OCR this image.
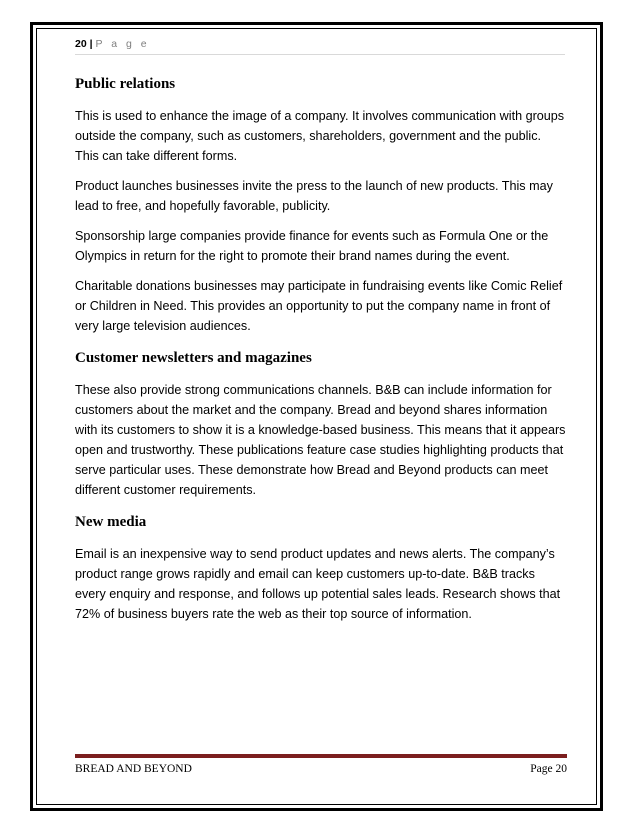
20 | P a g e
Public relations

This is used to enhance the image of a company. It involves communication with groups outside the company, such as customers, shareholders, government and the public. This can take different forms.

Product launches businesses invite the press to the launch of new products. This may lead to free, and hopefully favorable, publicity.

Sponsorship large companies provide finance for events such as Formula One or the Olympics in return for the right to promote their brand names during the event.

Charitable donations businesses may participate in fundraising events like Comic Relief or Children in Need. This provides an opportunity to put the company name in front of very large television audiences.

Customer newsletters and magazines

These also provide strong communications channels. B&B can include information for customers about the market and the company. Bread and beyond shares information with its customers to show it is a knowledge-based business. This means that it appears open and trustworthy. These publications feature case studies highlighting products that serve particular uses. These demonstrate how Bread and Beyond products can meet different customer requirements.

New media

Email is an inexpensive way to send product updates and news alerts. The company’s product range grows rapidly and email can keep customers up-to-date. B&B tracks every enquiry and response, and follows up potential sales leads. Research shows that 72% of business buyers rate the web as their top source of information.

BREAD AND BEYOND	Page 20
